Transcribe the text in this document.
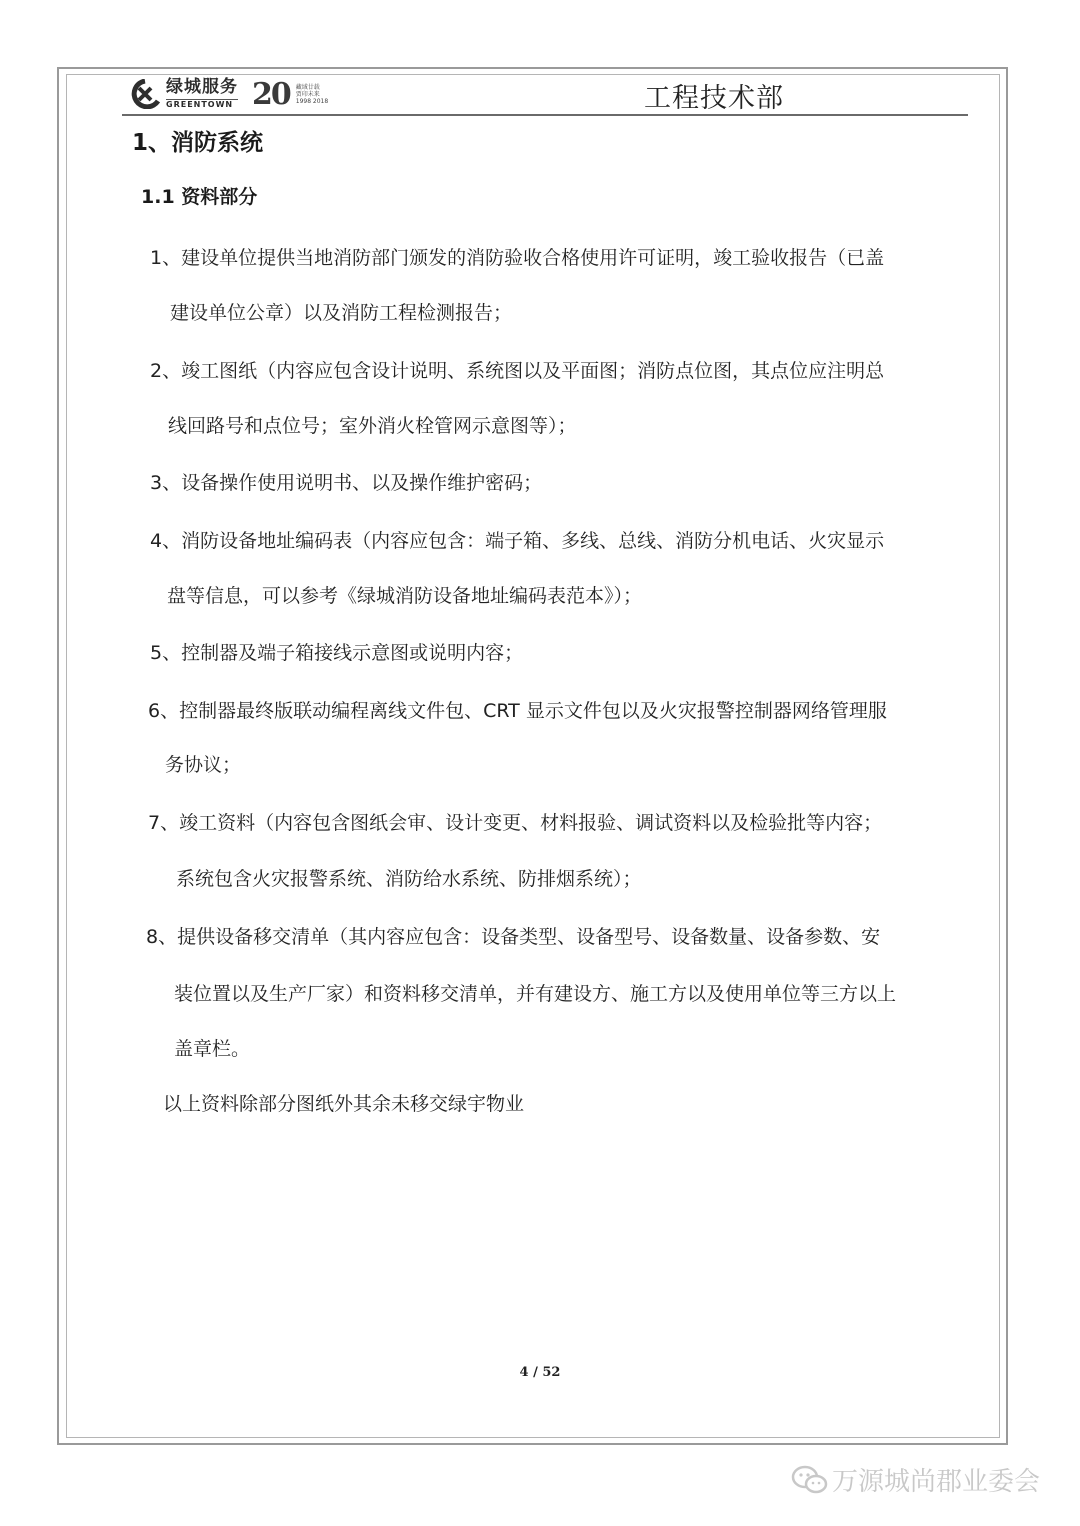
绿城服务
GREENTOWN 20 藏域廿载
贾印未来
1998 2018	工程技术部
1、消防系统
1.1 资料部分
1、建设单位提供当地消防部门颁发的消防验收合格使用许可证明，竣工验收报告（已盖
建设单位公章）以及消防工程检测报告；
2、竣工图纸（内容应包含设计说明、系统图以及平面图；消防点位图，其点位应注明总
线回路号和点位号；室外消火栓管网示意图等）；
3、设备操作使用说明书、以及操作维护密码；
4、消防设备地址编码表（内容应包含：端子箱、多线、总线、消防分机电话、火灾显示
盘等信息，可以参考《绿城消防设备地址编码表范本》）；
5、控制器及端子箱接线示意图或说明内容；
6、控制器最终版联动编程离线文件包、CRT 显示文件包以及火灾报警控制器网络管理服
务协议；
7、竣工资料（内容包含图纸会审、设计变更、材料报验、调试资料以及检验批等内容；
系统包含火灾报警系统、消防给水系统、防排烟系统）；
8、提供设备移交清单（其内容应包含：设备类型、设备型号、设备数量、设备参数、安
装位置以及生产厂家）和资料移交清单，并有建设方、施工方以及使用单位等三方以上
盖章栏。
以上资料除部分图纸外其余未移交绿宇物业
4 / 52
万源城尚郡业委会
